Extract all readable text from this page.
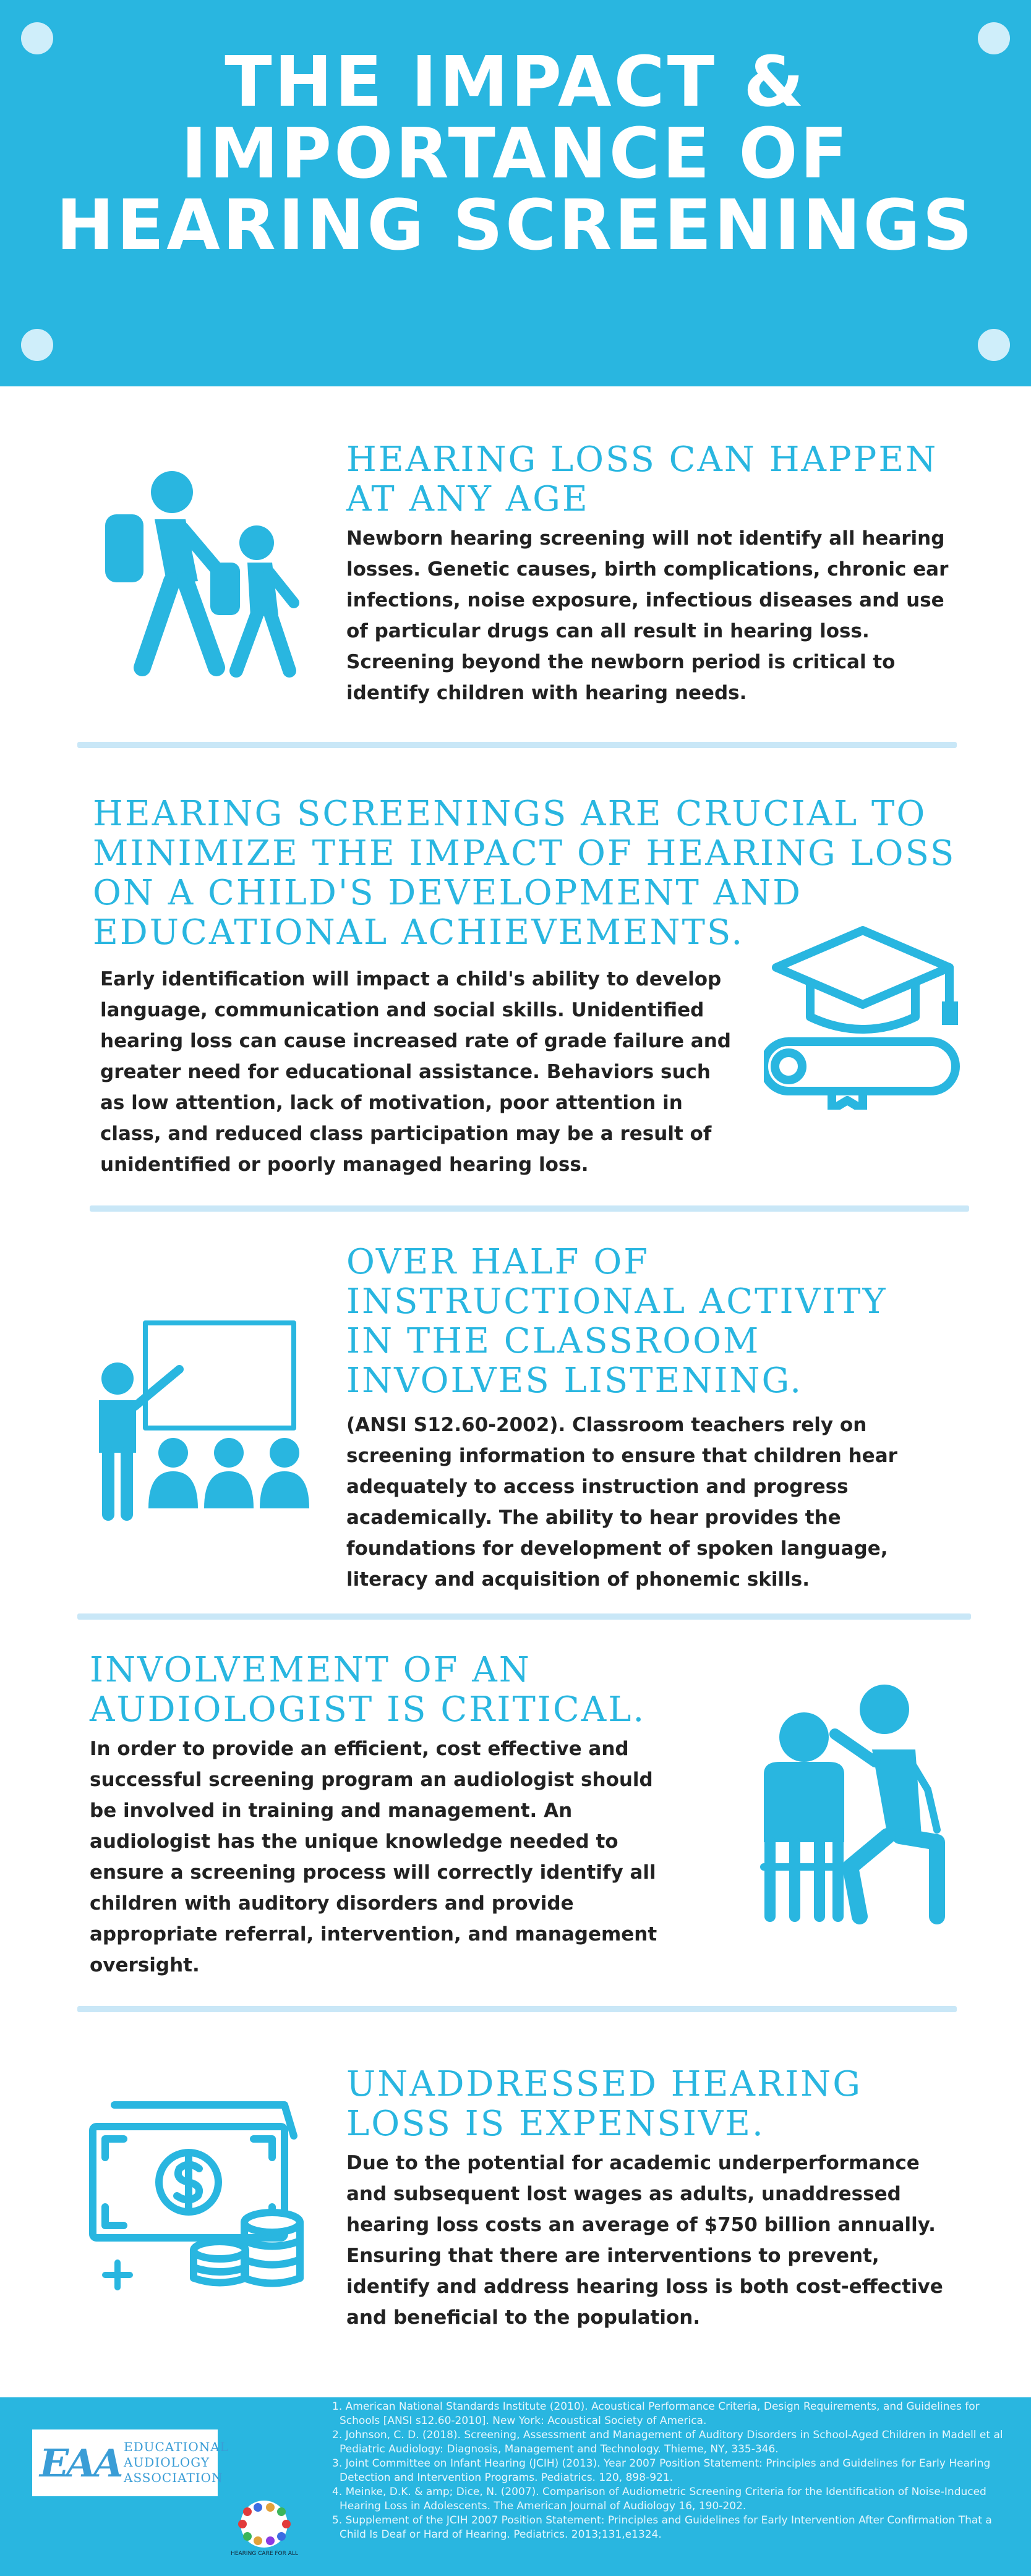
THE IMPACT &
IMPORTANCE OF
HEARING SCREENINGS
HEARING LOSS CAN HAPPEN
AT ANY AGE

Newborn hearing screening will not identify all hearing losses. Genetic causes, birth complications, chronic ear infections, noise exposure, infectious diseases and use of particular drugs can all result in hearing loss. Screening beyond the newborn period is critical to identify children with hearing needs.

HEARING SCREENINGS ARE CRUCIAL TO
MINIMIZE THE IMPACT OF HEARING LOSS
ON A CHILD'S DEVELOPMENT AND
EDUCATIONAL ACHIEVEMENTS.

Early identification will impact a child's ability to develop language, communication and social skills. Unidentified hearing loss can cause increased rate of grade failure and greater need for educational assistance. Behaviors such as low attention, lack of motivation, poor attention in class, and reduced class participation may be a result of unidentified or poorly managed hearing loss.

OVER HALF OF
INSTRUCTIONAL ACTIVITY
IN THE CLASSROOM
INVOLVES LISTENING.

(ANSI S12.60-2002). Classroom teachers rely on screening information to ensure that children hear adequately to access instruction and progress academically. The ability to hear provides the foundations for development of spoken language, literacy and acquisition of phonemic skills.

INVOLVEMENT OF AN
AUDIOLOGIST IS CRITICAL.

In order to provide an efficient, cost effective and successful screening program an audiologist should be involved in training and management. An audiologist has the unique knowledge needed to ensure a screening process will correctly identify all children with auditory disorders and provide appropriate referral, intervention, and management oversight.

UNADDRESSED HEARING
LOSS IS EXPENSIVE.

Due to the potential for academic underperformance and subsequent lost wages as adults, unaddressed hearing loss costs an average of $750 billion annually. Ensuring that there are interventions to prevent, identify and address hearing loss is both cost-effective and beneficial to the population.

EAA EDUCATIONAL
AUDIOLOGY
ASSOCIATION
HEARING CARE FOR ALL
1. American National Standards Institute (2010). Acoustical Performance Criteria, Design Requirements, and Guidelines for
Schools [ANSI s12.60-2010]. New York: Acoustical Society of America.
2. Johnson, C. D. (2018). Screening, Assessment and Management of Auditory Disorders in School-Aged Children in Madell et al
Pediatric Audiology: Diagnosis, Management and Technology. Thieme, NY, 335-346.
3. Joint Committee on Infant Hearing (JCIH) (2013). Year 2007 Position Statement: Principles and Guidelines for Early Hearing
Detection and Intervention Programs. Pediatrics. 120, 898-921.
4. Meinke, D.K. & amp; Dice, N. (2007). Comparison of Audiometric Screening Criteria for the Identification of Noise-Induced
Hearing Loss in Adolescents. The American Journal of Audiology 16, 190-202.
5. Supplement of the JCIH 2007 Position Statement: Principles and Guidelines for Early Intervention After Confirmation That a
Child Is Deaf or Hard of Hearing. Pediatrics. 2013;131,e1324.
